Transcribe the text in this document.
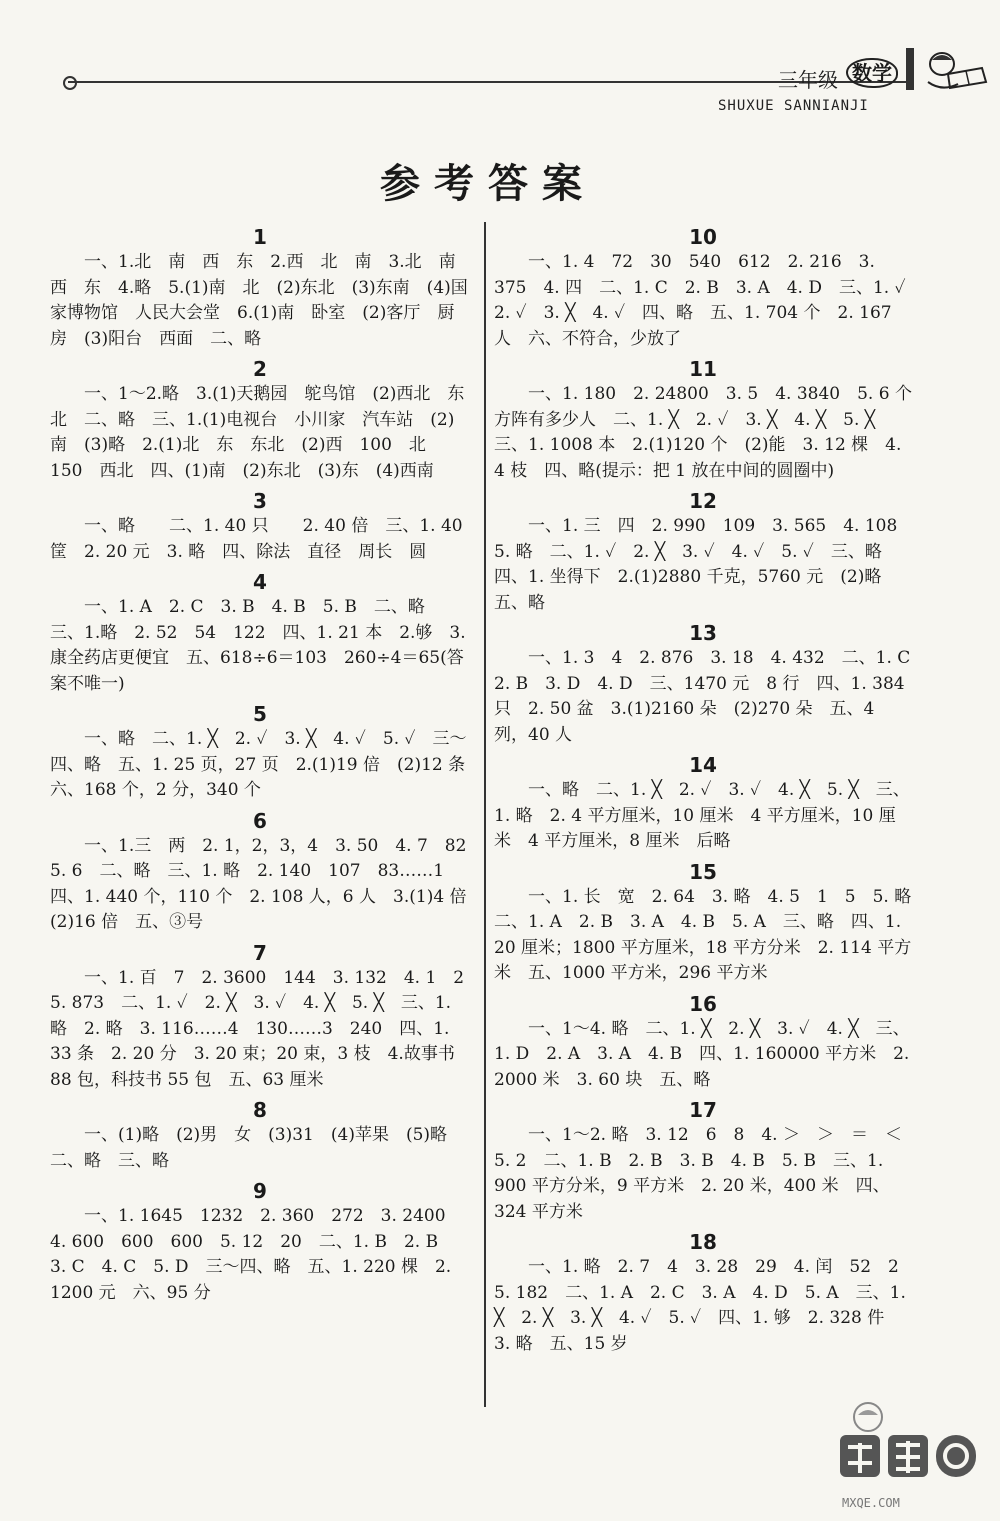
三年级 数学
SHUXUE SANNIANJI
参考答案

1

一、1.北　南　西　东　2.西　北　南　3.北　南　西　东　4.略　5.(1)南　北　(2)东北　(3)东南　(4)国家博物馆　人民大会堂　6.(1)南　卧室　(2)客厅　厨房　(3)阳台　西面　二、略

2

一、1～2.略　3.(1)天鹅园　鸵鸟馆　(2)西北　东北　二、略　三、1.(1)电视台　小川家　汽车站　(2)南　(3)略　2.(1)北　东　东北　(2)西　100　北　150　西北　四、(1)南　(2)东北　(3)东　(4)西南

3

一、略　　二、1. 40 只　　2. 40 倍　三、1. 40 筐　2. 20 元　3. 略　四、除法　直径　周长　圆

4

一、1. A　2. C　3. B　4. B　5. B　二、略　三、1.略　2. 52　54　122　四、1. 21 本　2.够　3.康全药店更便宜　五、618÷6＝103　260÷4＝65(答案不唯一)

5

一、略　二、1. ╳　2. ✓　3. ╳　4. ✓　5. ✓　三～四、略　五、1. 25 页，27 页　2.(1)19 倍　(2)12 条　六、168 个，2 分，340 个

6

一、1.三　两　2. 1，2，3，4　3. 50　4. 7　82　5. 6　二、略　三、1. 略　2. 140　107　83……1　四、1. 440 个，110 个　2. 108 人，6 人　3.(1)4 倍　(2)16 倍　五、③号

7

一、1. 百　7　2. 3600　144　3. 132　4. 1　2　5. 873　二、1. ✓　2. ╳　3. ✓　4. ╳　5. ╳　三、1. 略　2. 略　3. 116……4　130……3　240　四、1. 33 条　2. 20 分　3. 20 束；20 束，3 枝　4.故事书 88 包，科技书 55 包　五、63 厘米

8

一、(1)略　(2)男　女　(3)31　(4)苹果　(5)略　二、略　三、略

9

一、1. 1645　1232　2. 360　272　3. 2400　4. 600　600　600　5. 12　20　二、1. B　2. B　3. C　4. C　5. D　三～四、略　五、1. 220 棵　2. 1200 元　六、95 分

10

一、1. 4　72　30　540　612　2. 216　3. 375　4. 四　二、1. C　2. B　3. A　4. D　三、1. ✓　2. ✓　3. ╳　4. ✓　四、略　五、1. 704 个　2. 167 人　六、不符合，少放了

11

一、1. 180　2. 24800　3. 5　4. 3840　5. 6 个方阵有多少人　二、1. ╳　2. ✓　3. ╳　4. ╳　5. ╳　三、1. 1008 本　2.(1)120 个　(2)能　3. 12 棵　4. 4 枝　四、略(提示：把 1 放在中间的圆圈中)

12

一、1. 三　四　2. 990　109　3. 565　4. 108　5. 略　二、1. ✓　2. ╳　3. ✓　4. ✓　5. ✓　三、略　四、1. 坐得下　2.(1)2880 千克，5760 元　(2)略　五、略

13

一、1. 3　4　2. 876　3. 18　4. 432　二、1. C　2. B　3. D　4. D　三、1470 元　8 行　四、1. 384 只　2. 50 盆　3.(1)2160 朵　(2)270 朵　五、4 列，40 人

14

一、略　二、1. ╳　2. ✓　3. ✓　4. ╳　5. ╳　三、1. 略　2. 4 平方厘米，10 厘米　4 平方厘米，10 厘米　4 平方厘米，8 厘米　后略

15

一、1. 长　宽　2. 64　3. 略　4. 5　1　5　5. 略　二、1. A　2. B　3. A　4. B　5. A　三、略　四、1. 20 厘米；1800 平方厘米，18 平方分米　2. 114 平方米　五、1000 平方米，296 平方米

16

一、1～4. 略　二、1. ╳　2. ╳　3. ✓　4. ╳　三、1. D　2. A　3. A　4. B　四、1. 160000 平方米　2. 2000 米　3. 60 块　五、略

17

一、1～2. 略　3. 12　6　8　4. ＞　＞　＝　＜　5. 2　二、1. B　2. B　3. B　4. B　5. B　三、1. 900 平方分米，9 平方米　2. 20 米，400 米　四、324 平方米

18

一、1. 略　2. 7　4　3. 28　29　4. 闰　52　2　5. 182　二、1. A　2. C　3. A　4. D　5. A　三、1. ╳　2. ╳　3. ╳　4. ✓　5. ✓　四、1. 够　2. 328 件　3. 略　五、15 岁

MXQE.COM
